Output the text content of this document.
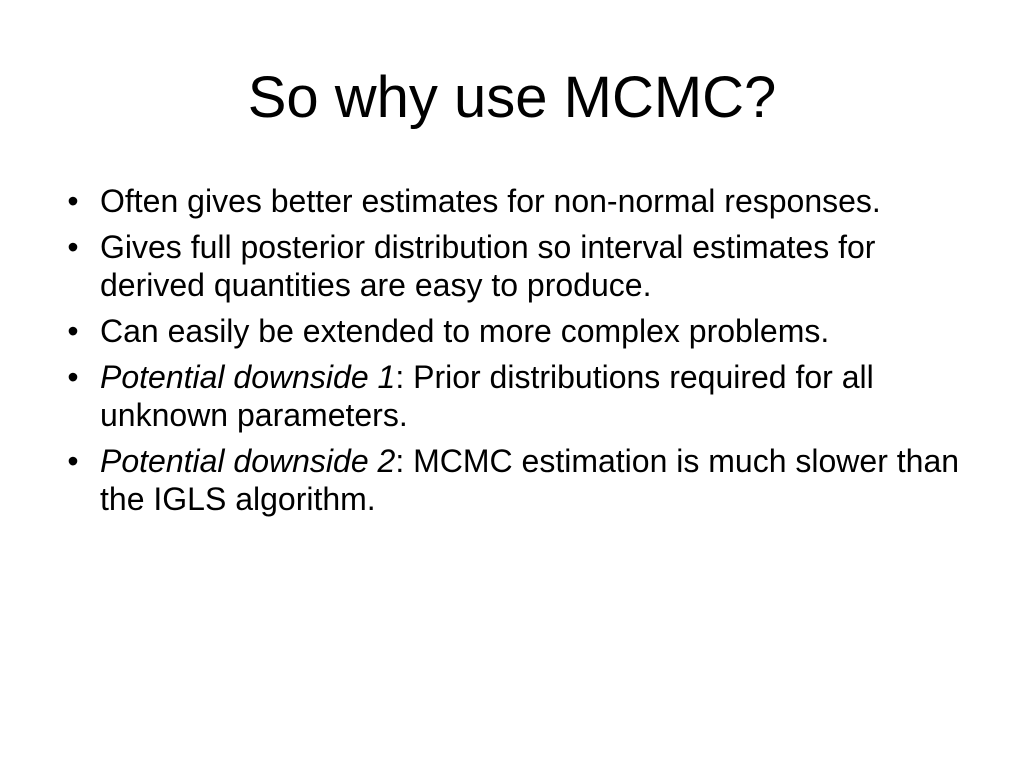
So why use MCMC?
• Often gives better estimates for non-normal responses.
• Gives full posterior distribution so interval estimates for derived quantities are easy to produce.
• Can easily be extended to more complex problems.
• Potential downside 1: Prior distributions required for all unknown parameters.
• Potential downside 2: MCMC estimation is much slower than the IGLS algorithm.
